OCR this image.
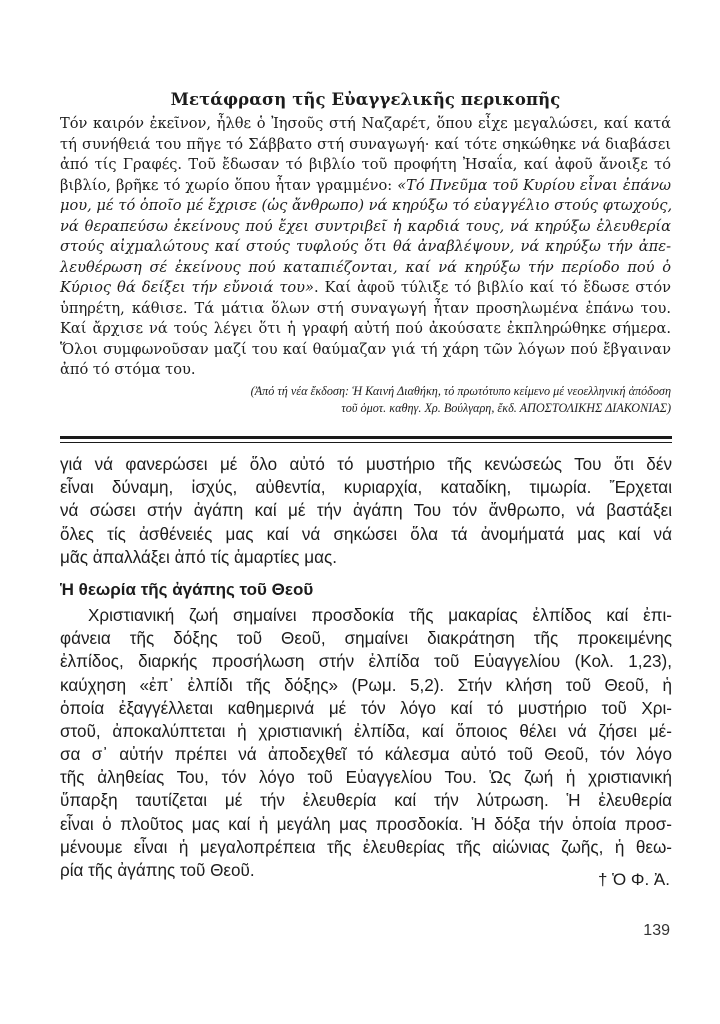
Μετάφραση τῆς Εὐαγγελικῆς περικοπῆς
Τόν καιρόν ἐκεῖνον, ἦλθε ὁ Ἰησοῦς στή Ναζαρέτ, ὅπου εἶχε μεγαλώσει, καί κατά
τή συνήθειά του πῆγε τό Σάββατο στή συναγωγή· καί τότε σηκώθηκε νά διαβάσει
ἀπό τίς Γραφές. Τοῦ ἔδωσαν τό βιβλίο τοῦ προφήτη Ἠσαΐα, καί ἀφοῦ ἄνοιξε τό
βιβλίο, βρῆκε τό χωρίο ὅπου ἦταν γραμμένο: «Τό Πνεῦμα τοῦ Κυρίου εἶναι ἐπάνω
μου, μέ τό ὁποῖο μέ ἔχρισε (ὡς ἄνθρωπο) νά κηρύξω τό εὐαγγέλιο στούς φτωχούς,
νά θεραπεύσω ἐκείνους πού ἔχει συντριβεῖ ἡ καρδιά τους, νά κηρύξω ἐλευθερία
στούς αἰχμαλώτους καί στούς τυφλούς ὅτι θά ἀναβλέψουν, νά κηρύξω τήν ἀπε-
λευθέρωση σέ ἐκείνους πού καταπιέζονται, καί νά κηρύξω τήν περίοδο πού ὁ
Κύριος θά δείξει τήν εὔνοιά του». Καί ἀφοῦ τύλιξε τό βιβλίο καί τό ἔδωσε στόν
ὑπηρέτη, κάθισε. Τά μάτια ὅλων στή συναγωγή ἦταν προσηλωμένα ἐπάνω του.
Καί ἄρχισε νά τούς λέγει ὅτι ἡ γραφή αὐτή πού ἀκούσατε ἐκπληρώθηκε σήμερα.
Ὅλοι συμφωνοῦσαν μαζί του καί θαύμαζαν γιά τή χάρη τῶν λόγων πού ἔβγαιναν
ἀπό τό στόμα του.
(Ἀπό τή νέα ἔκδοση: Ἡ Καινή Διαθήκη, τό πρωτότυπο κείμενο μέ νεοελληνική ἀπόδοση
τοῦ ὁμοτ. καθηγ. Χρ. Βούλγαρη, ἔκδ. ΑΠΟΣΤΟΛΙΚΗΣ ΔΙΑΚΟΝΙΑΣ)
γιά νά φανερώσει μέ ὅλο αὐτό τό μυστήριο τῆς κενώσεώς Του ὅτι δέν
εἶναι δύναμη, ἰσχύς, αὐθεντία, κυριαρχία, καταδίκη, τιμωρία. Ἔρχεται
νά σώσει στήν ἀγάπη καί μέ τήν ἀγάπη Του τόν ἄνθρωπο, νά βαστάξει
ὅλες τίς ἀσθένειές μας καί νά σηκώσει ὅλα τά ἀνομήματά μας καί νά
μᾶς ἀπαλλάξει ἀπό τίς ἁμαρτίες μας.
Ἡ θεωρία τῆς ἀγάπης τοῦ Θεοῦ
Χριστιανική ζωή σημαίνει προσδοκία τῆς μακαρίας ἐλπίδος καί ἐπι-
φάνεια τῆς δόξης τοῦ Θεοῦ, σημαίνει διακράτηση τῆς προκειμένης
ἐλπίδος, διαρκής προσήλωση στήν ἐλπίδα τοῦ Εὐαγγελίου (Κολ. 1,23),
καύχηση «ἐπ᾽ ἐλπίδι τῆς δόξης» (Ρωμ. 5,2). Στήν κλήση τοῦ Θεοῦ, ἡ
ὁποία ἐξαγγέλλεται καθημερινά μέ τόν λόγο καί τό μυστήριο τοῦ Χρι-
στοῦ, ἀποκαλύπτεται ἡ χριστιανική ἐλπίδα, καί ὅποιος θέλει νά ζήσει μέ-
σα σ᾽ αὐτήν πρέπει νά ἀποδεχθεῖ τό κάλεσμα αὐτό τοῦ Θεοῦ, τόν λόγο
τῆς ἀληθείας Του, τόν λόγο τοῦ Εὐαγγελίου Του. Ὡς ζωή ἡ χριστιανική
ὕπαρξη ταυτίζεται μέ τήν ἐλευθερία καί τήν λύτρωση. Ἡ ἐλευθερία
εἶναι ὁ πλοῦτος μας καί ἡ μεγάλη μας προσδοκία. Ἡ δόξα τήν ὁποία προσ-
μένουμε εἶναι ἡ μεγαλοπρέπεια τῆς ἐλευθερίας τῆς αἰώνιας ζωῆς, ἡ θεω-
ρία τῆς ἀγάπης τοῦ Θεοῦ.	† Ὁ Φ. Ἀ.
139
